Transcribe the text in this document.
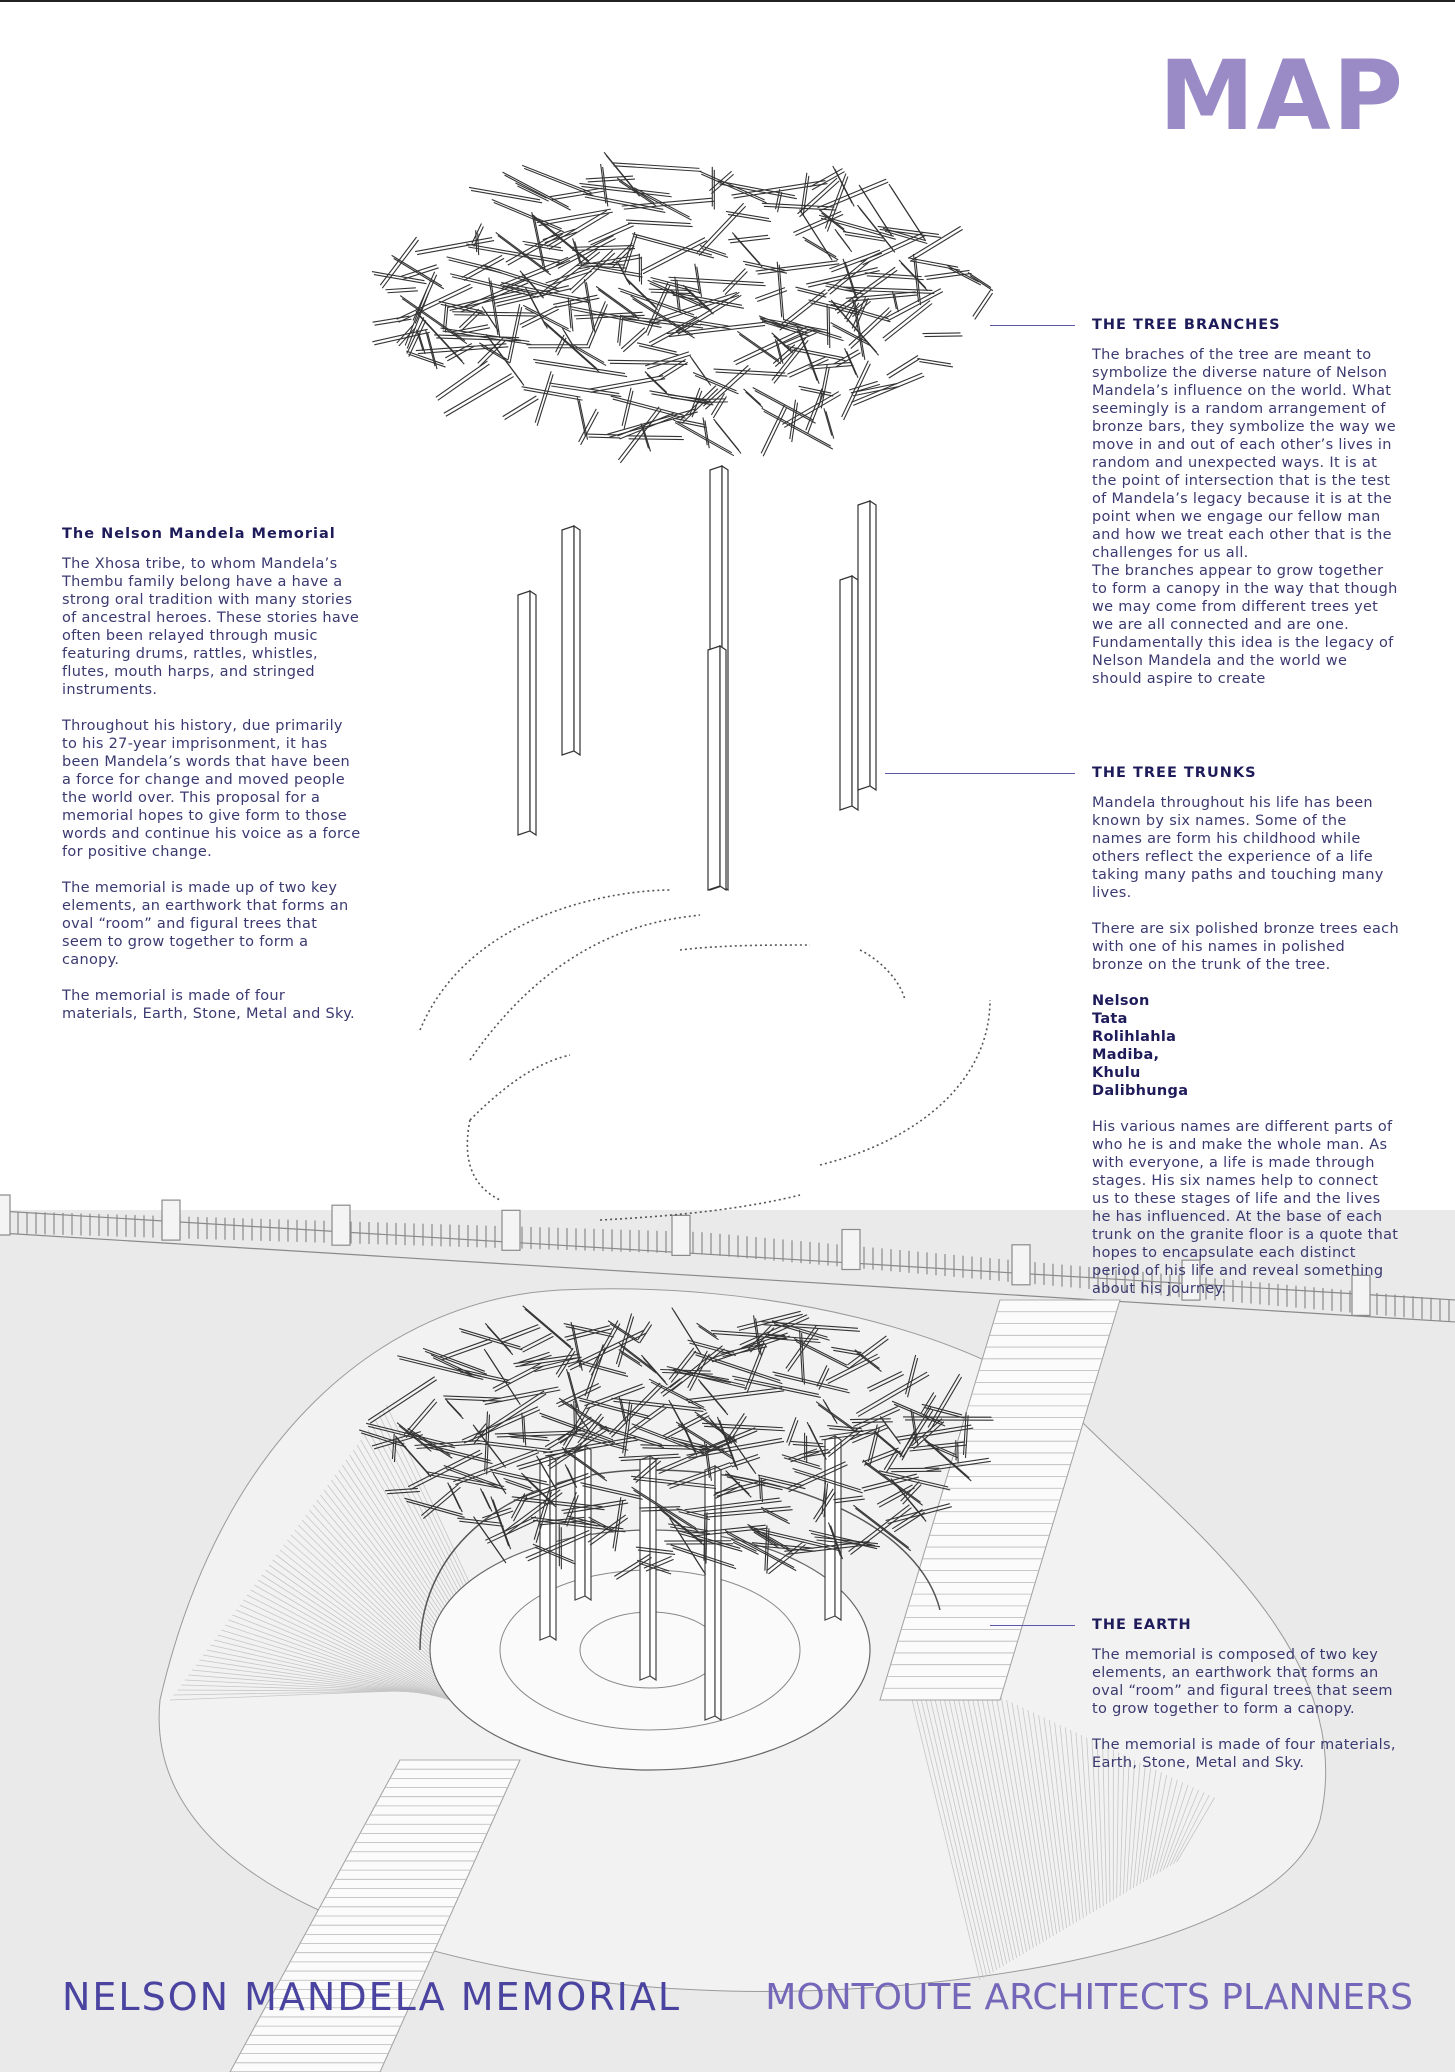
MAP
The Nelson Mandela Memorial

The Xhosa tribe, to whom Mandela’s Thembu family belong have a have a strong oral tradition with many stories of ancestral heroes. These stories have often been relayed through music featuring drums, rattles, whistles, flutes, mouth harps, and stringed instruments.

Throughout his history, due primarily to his 27-year imprisonment, it has been Mandela’s words that have been a force for change and moved people the world over. This proposal for a memorial hopes to give form to those words and continue his voice as a force for positive change.

The memorial is made up of two key elements, an earthwork that forms an oval “room” and figural trees that seem to grow together to form a canopy.

The memorial is made of four materials, Earth, Stone, Metal and Sky.

THE TREE BRANCHES

The braches of the tree are meant to symbolize the diverse nature of Nelson Mandela’s influence on the world. What seemingly is a random arrangement of bronze bars, they symbolize the way we move in and out of each other’s lives in random and unexpected ways. It is at the point of intersection that is the test of Mandela’s legacy because it is at the point when we engage our fellow man and how we treat each other that is the challenges for us all.

The branches appear to grow together to form a canopy in the way that though we may come from different trees yet we are all connected and are one. Fundamentally this idea is the legacy of Nelson Mandela and the world we should aspire to create

THE TREE TRUNKS

Mandela throughout his life has been known by six names. Some of the names are form his childhood while others reflect the experience of a life taking many paths and touching many lives.

There are six polished bronze trees each with one of his names in polished bronze on the trunk of the tree.

Nelson
Tata
Rolihlahla
Madiba,
Khulu
Dalibhunga

His various names are different parts of who he is and make the whole man. As with everyone, a life is made through stages. His six names help to connect us to these stages of life and the lives he has influenced. At the base of each trunk on the granite floor is a quote that hopes to encapsulate each distinct period of his life and reveal something about his journey.

THE EARTH

The memorial is composed of two key elements, an earthwork that forms an oval “room” and figural trees that seem to grow together to form a canopy.

The memorial is made of four materials, Earth, Stone, Metal and Sky.

NELSON MANDELA MEMORIAL MONTOUTE ARCHITECTS PLANNERS
